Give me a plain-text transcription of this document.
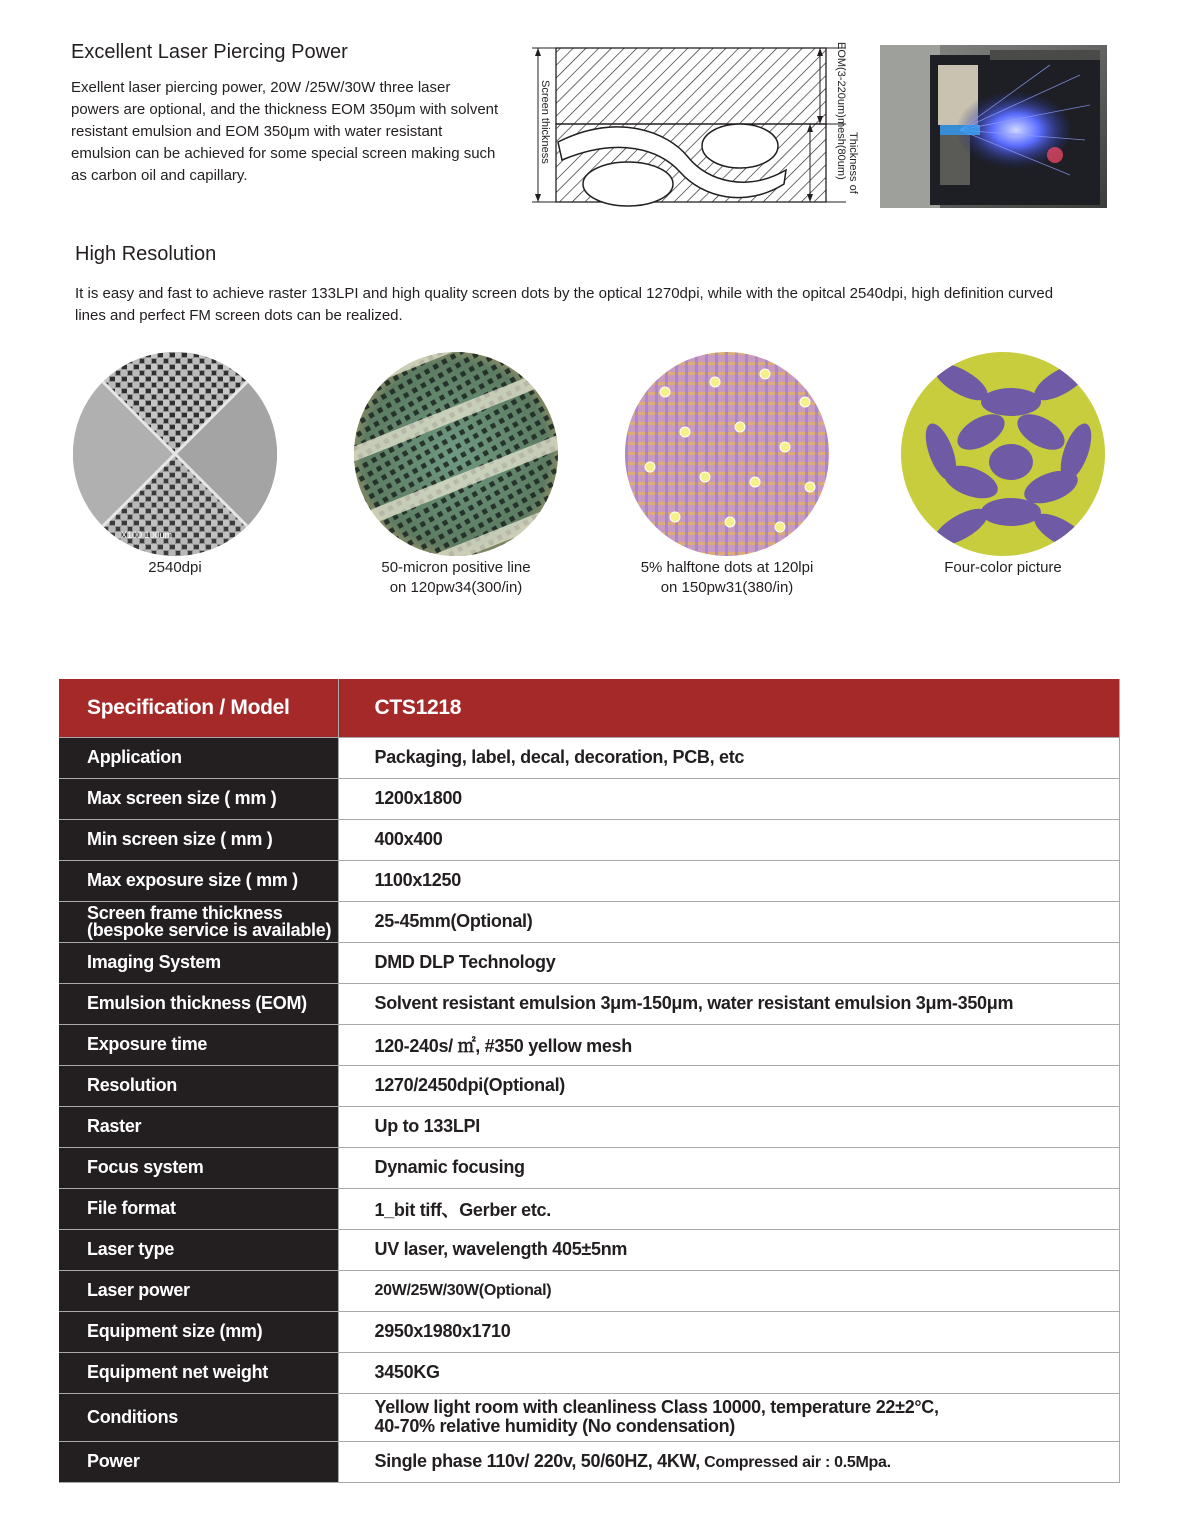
Excellent Laser Piercing Power

Exellent laser piercing power, 20W /25W/30W three laser powers are optional, and the thickness EOM 350μm with solvent resistant emulsion and EOM 350μm with water resistant emulsion can be achieved for some special screen making such as carbon oil and capillary.

Screen thickness
EOM(3-220um)
Thickness of
mesh(80um)
High Resolution

It is easy and fast to achieve raster 133LPI and high quality screen dots by the optical 1270dpi, while with the opitcal 2540dpi, high definition curved lines and perfect FM screen dots can be realized.

X100 100um
2540dpi	50-micron positive line
on 120pw34(300/in)
5% halftone dots at 120lpi
on 150pw31(380/in)
Four-color picture
Specification / Model	CTS1218
Application	Packaging, label, decal, decoration, PCB, etc
Max screen size ( mm )	1200x1800
Min screen size ( mm )	400x400
Max exposure size ( mm )	1100x1250

Screen frame thickness
(bespoke service is available)	25-45mm(Optional)
Imaging System	DMD DLP Technology
Emulsion thickness (EOM)	Solvent resistant emulsion 3μm-150μm, water resistant emulsion 3μm-350μm
Exposure time	120-240s/ ㎡, #350 yellow mesh
Resolution	1270/2450dpi(Optional)
Raster	Up to 133LPI
Focus system	Dynamic focusing
File format	1_bit tiff、Gerber etc.
Laser type	UV laser, wavelength 405±5nm
Laser power	20W/25W/30W(Optional)
Equipment size (mm)	2950x1980x1710
Equipment net weight	3450KG
Conditions	Yellow light room with cleanliness Class 10000, temperature 22±2°C,
40-70% relative humidity (No condensation)

Power	Single phase 110v/ 220v, 50/60HZ, 4KW, Compressed air : 0.5Mpa.
